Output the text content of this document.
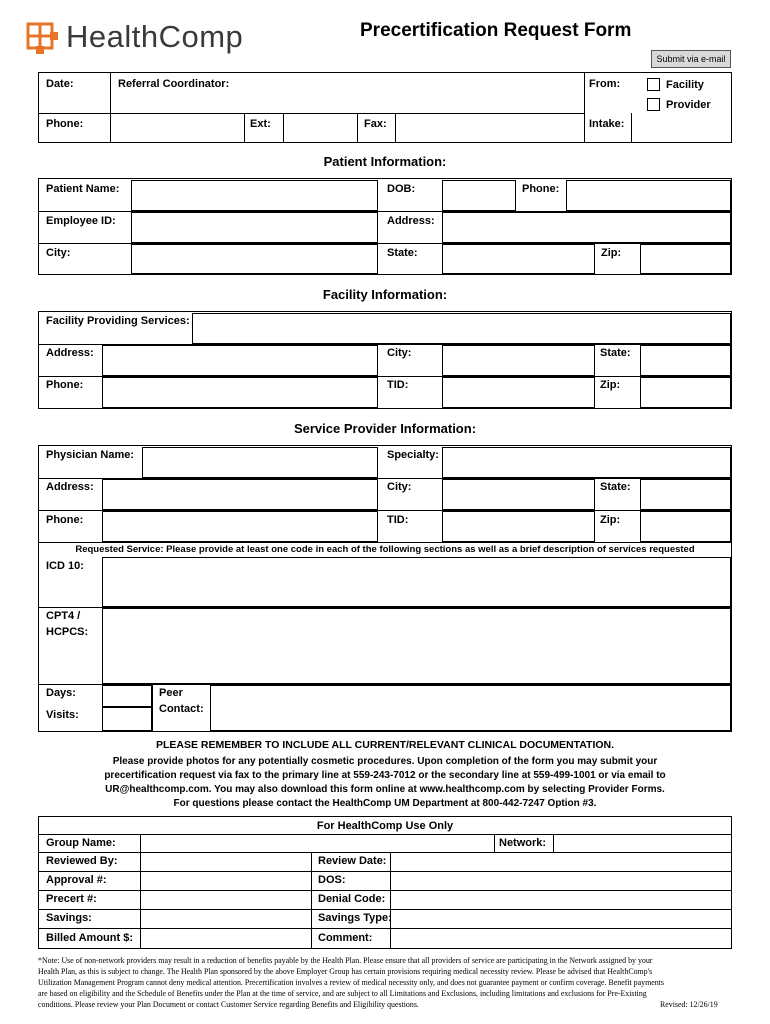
HealthComp	Precertification Request Form
Submit via e-mail
Date:	Referral Coordinator:	From:	Facility
Provider
Phone:	Ext:	Fax:	Intake:
Patient Information:
Patient Name:	DOB:	Phone:
Employee ID:	Address:
City:	State:	Zip:
Facility Information:
Facility Providing Services:
Address:	City:	State:
Phone:	TID:	Zip:
Service Provider Information:
Physician Name:	Specialty:
Address:	City:	State:
Phone:	TID:	Zip:
Requested Service: Please provide at least one code in each of the following sections as well as a brief description of services requested
ICD 10:
CPT4 /
HCPCS:
Days:
Visits:
Peer
Contact:
PLEASE REMEMBER TO INCLUDE ALL CURRENT/RELEVANT CLINICAL DOCUMENTATION.
Please provide photos for any potentially cosmetic procedures. Upon completion of the form you may submit your
precertification request via fax to the primary line at 559-243-7012 or the secondary line at 559-499-1001 or via email to
UR@healthcomp.com. You may also download this form online at www.healthcomp.com by selecting Provider Forms.
For questions please contact the HealthComp UM Department at 800-442-7247 Option #3.
For HealthComp Use Only
Group Name:	Network:
Reviewed By:	Review Date:
Approval #:	DOS:
Precert #:	Denial Code:
Savings:	Savings Type:
Billed Amount $:	Comment:
*Note: Use of non-network providers may result in a reduction of benefits payable by the Health Plan. Please ensure that all providers of service are participating in the Network assigned by your
Health Plan, as this is subject to change. The Health Plan sponsored by the above Employer Group has certain provisions requiring medical necessity review. Please be advised that HealthComp's
Utilization Management Program cannot deny medical attention. Precertification involves a review of medical necessity only, and does not guarantee payment or confirm coverage. Benefit payments
are based on eligibility and the Schedule of Benefits under the Plan at the time of service, and are subject to all Limitations and Exclusions, including limitations and exclusions for Pre-Existing
conditions. Please review your Plan Document or contact Customer Service regarding Benefits and Eligibility questions.	Revised: 12/26/19
